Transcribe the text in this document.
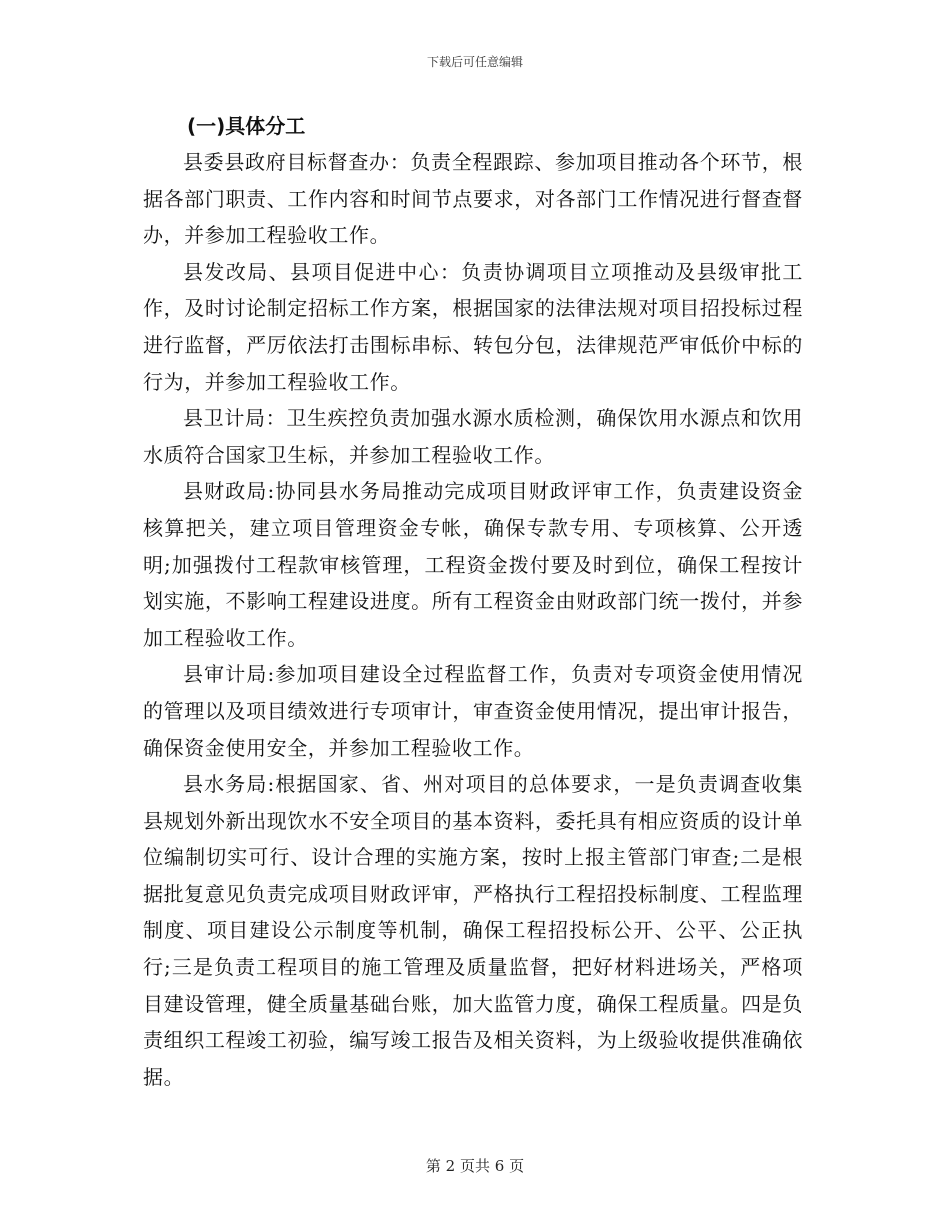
下载后可任意编辑
(一)具体分工

县委县政府目标督查办：负责全程跟踪、参加项目推动各个环节，根据各部门职责、工作内容和时间节点要求，对各部门工作情况进行督查督办，并参加工程验收工作。

县发改局、县项目促进中心：负责协调项目立项推动及县级审批工作，及时讨论制定招标工作方案，根据国家的法律法规对项目招投标过程进行监督，严厉依法打击围标串标、转包分包，法律规范严审低价中标的行为，并参加工程验收工作。

县卫计局：卫生疾控负责加强水源水质检测，确保饮用水源点和饮用水质符合国家卫生标，并参加工程验收工作。

县财政局:协同县水务局推动完成项目财政评审工作，负责建设资金核算把关，建立项目管理资金专帐，确保专款专用、专项核算、公开透明;加强拨付工程款审核管理，工程资金拨付要及时到位，确保工程按计划实施，不影响工程建设进度。所有工程资金由财政部门统一拨付，并参加工程验收工作。

县审计局:参加项目建设全过程监督工作，负责对专项资金使用情况的管理以及项目绩效进行专项审计，审查资金使用情况，提出审计报告，确保资金使用安全，并参加工程验收工作。

县水务局:根据国家、省、州对项目的总体要求，一是负责调查收集县规划外新出现饮水不安全项目的基本资料，委托具有相应资质的设计单位编制切实可行、设计合理的实施方案，按时上报主管部门审查;二是根据批复意见负责完成项目财政评审，严格执行工程招投标制度、工程监理制度、项目建设公示制度等机制，确保工程招投标公开、公平、公正执行;三是负责工程项目的施工管理及质量监督，把好材料进场关，严格项目建设管理，健全质量基础台账，加大监管力度，确保工程质量。四是负责组织工程竣工初验，编写竣工报告及相关资料，为上级验收提供准确依据。

第 2 页共 6 页
